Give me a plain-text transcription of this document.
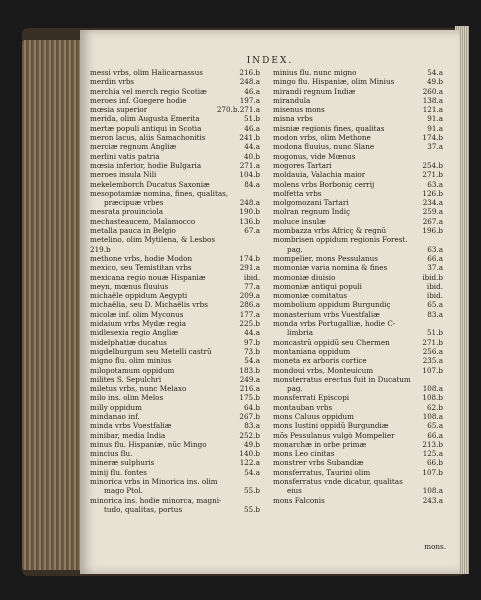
INDEX.
messi vrbs, olim Halicarnassus	216.b
merdin vrbs	248.a
merchia vel merch regio Scotiæ	46.a
meroes inf. Guegere hodie	197.a
mœsia superior	270.b.271.a
merida, olim Augusta Emerita	51.b
mertæ populi antiqui in Scotia	46.a
meron lacus, aliis Samachonitis	241.b
merciæ regnum Angliæ	44.a
merlini vatis patria	40.b
mœsia inferior, hodie Bulgaria	271.a
meroes insula Nili	104.b
mekelemborch Ducatus Saxoniæ	84.a
mesopotamiæ nomina, fines, qualitas,
præcipuæ vrbes	248.a
mesrata prouinciola	190.b
mechasteaucem, Malamocco	136.b
metalla pauca in Belgio	67.a
metelino, olim Mytilena, & Lesbos
219.b
methone vrbs, hodie Modon	174.b
mexico, seu Temistitan vrbs	291.a
mexicana regio nouæ Hispaniæ	ibid.
meyn, mœnus fluuius	77.a
michaële oppidum Aegypti	209.a
michaëlia, seu D. Michaëlis vrbs	286.a
micolæ inf. olim Myconus	177.a
midaium vrbs Mydæ regia	225.b
midlesexia regio Angliæ	44.a
midelphatiæ ducatus	97.b
migdelburgum seu Metelli castrũ	73.b
migno flu. olim minius	54.a
milopotamum oppidum	183.b
milites S. Sepulchri	249.a
miletus vrbs, nunc Melaxo	216.a
milo ins. olim Melos	175.b
milly oppidum	64.b
mindanao inf.	267.b
minda vrbs Vuestfaliæ	83.a
minibar, media India	252.b
minus flu. Hispaniæ, nũc Mingo	49.b
mincius flu.	140.b
mineræ sulphuris	122.a
minij flu. fontes	54.a
minorica vrbs in Minorica ins. olim
mago Ptol.	55.b
minorica ins. hodie minorca, magni-
tudo, qualitas, portus	55.b
minius flu. nunc migno	54.a
mingo flu. Hispaniæ, olim Minius	49.b
mirandi regnum Indiæ	260.a
mirandula	138.a
misenus mons	121.a
misna vrbs	91.a
misniæ regionis fines, qualitas	91.a
modon vrbs, olim Methone	174.b
modona fluuius, nunc Slane	37.a
mogonus, vide Mœnus
mogores Tartari	254.b
moldauia, Valachia maior	271.b
molens vrbs Borboniç cerrij	63.a
molfetta vrbs	126.b
molgomozani Tartari	234.a
molran regnum Indiç	259.a
moluce insulæ	267.a
mombazza vrbs Africç & regnũ	196.b
mombrisen oppidum regionis Forest.
pag.	63.a
mompelier, mons Pessulanus	66.a
momoniæ varia nomina & fines	37.a
momoniæ diuisio	ibid.b
momoniæ antiqui populi	ibid.
momoniæ comitatus	ibid.
mombolium oppidum Burgundiç	65.a
monasterium vrbs Vuestfaliæ	83.a
monda vrbs Portugalliæ, hodie C-
limbria	51.b
moncastrũ oppidũ seu Chermen	271.b
montaniana oppidum	256.a
moneta ex arboris cortice	235.a
mondoui vrbs, Monteuicum	107.b
monsterratus erectus fuit in Ducatum
pag.	108.a
monsferrati Episcopi	108.b
montauban vrbs	62.b
mons Caluus oppidum	108.a
mons Iustini oppidũ Burgundiæ	65.a
mõs Pessulanus vulgò Mompelier	66.a
monarchæ in orbe primæ	213.b
mons Leo cinitas	125.a
monstrer vrbs Subandiæ	66.b
monsferratus, Taurini olim	107.b
monsferratus vnde dicatur, qualitas
eius	108.a
mons Falconis	243.a
mons.
